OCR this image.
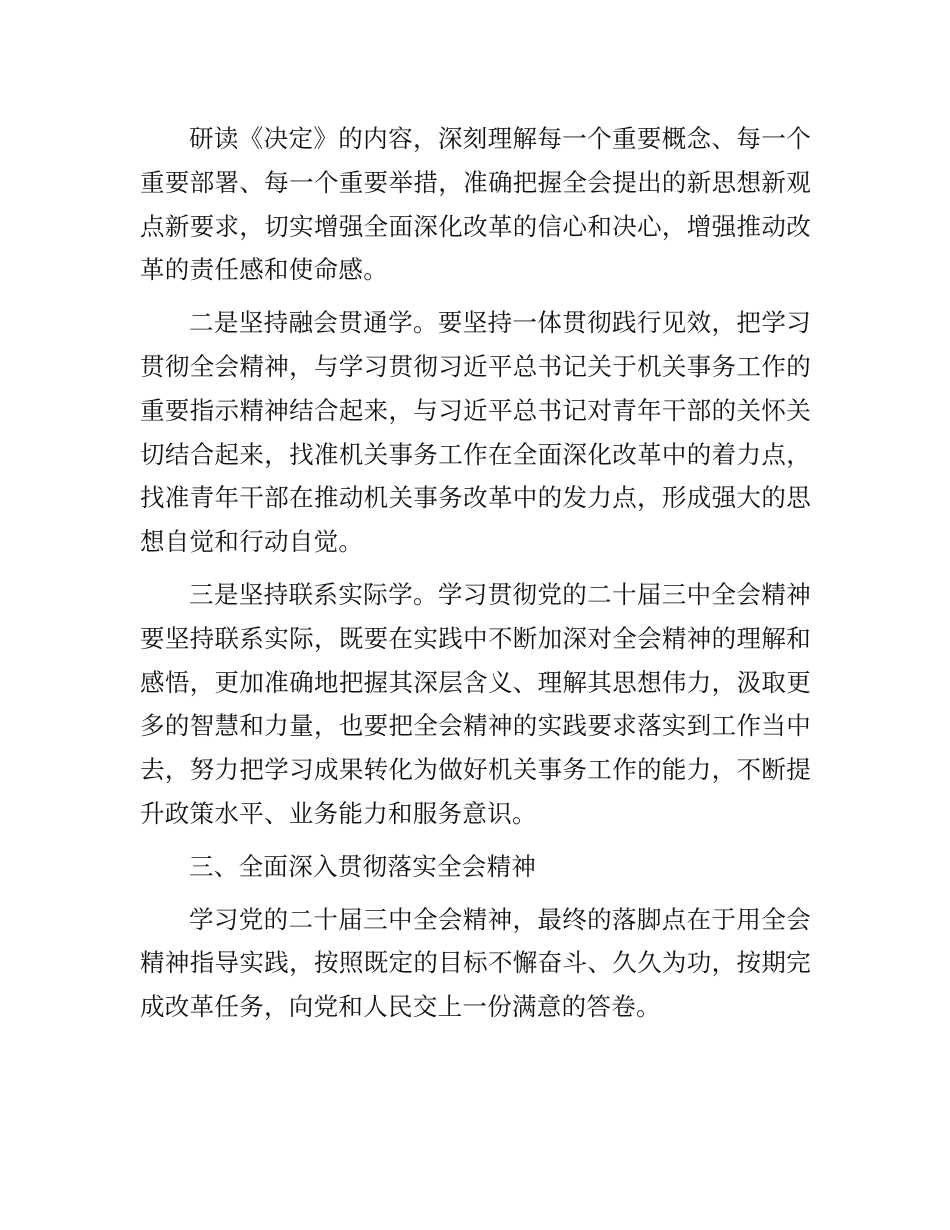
研读《决定》的内容，深刻理解每一个重要概念、每一个重要部署、每一个重要举措，准确把握全会提出的新思想新观点新要求，切实增强全面深化改革的信心和决心，增强推动改革的责任感和使命感。

二是坚持融会贯通学。要坚持一体贯彻践行见效，把学习贯彻全会精神，与学习贯彻习近平总书记关于机关事务工作的重要指示精神结合起来，与习近平总书记对青年干部的关怀关切结合起来，找准机关事务工作在全面深化改革中的着力点，找准青年干部在推动机关事务改革中的发力点，形成强大的思想自觉和行动自觉。

三是坚持联系实际学。学习贯彻党的二十届三中全会精神要坚持联系实际，既要在实践中不断加深对全会精神的理解和感悟，更加准确地把握其深层含义、理解其思想伟力，汲取更多的智慧和力量，也要把全会精神的实践要求落实到工作当中去，努力把学习成果转化为做好机关事务工作的能力，不断提升政策水平、业务能力和服务意识。

三、全面深入贯彻落实全会精神

学习党的二十届三中全会精神，最终的落脚点在于用全会精神指导实践，按照既定的目标不懈奋斗、久久为功，按期完成改革任务，向党和人民交上一份满意的答卷。
